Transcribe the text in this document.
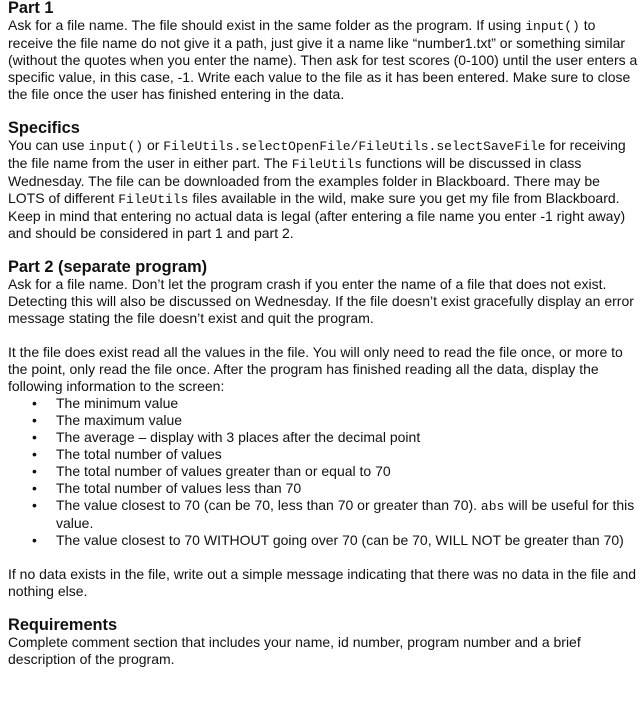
Part 1

Ask for a file name. The file should exist in the same folder as the program. If using input() to receive the file name do not give it a path, just give it a name like “number1.txt” or something similar (without the quotes when you enter the name). Then ask for test scores (0-100) until the user enters a specific value, in this case, -1. Write each value to the file as it has been entered. Make sure to close the file once the user has finished entering in the data.

Specifics

You can use input() or FileUtils.selectOpenFile/FileUtils.selectSaveFile for receiving the file name from the user in either part. The FileUtils functions will be discussed in class Wednesday. The file can be downloaded from the examples folder in Blackboard. There may be LOTS of different FileUtils files available in the wild, make sure you get my file from Blackboard. Keep in mind that entering no actual data is legal (after entering a file name you enter -1 right away) and should be considered in part 1 and part 2.

Part 2 (separate program)

Ask for a file name. Don’t let the program crash if you enter the name of a file that does not exist. Detecting this will also be discussed on Wednesday. If the file doesn’t exist gracefully display an error message stating the file doesn’t exist and quit the program.

It the file does exist read all the values in the file. You will only need to read the file once, or more to the point, only read the file once. After the program has finished reading all the data, display the following information to the screen:

• The minimum value
• The maximum value
• The average – display with 3 places after the decimal point
• The total number of values
• The total number of values greater than or equal to 70
• The total number of values less than 70
• The value closest to 70 (can be 70, less than 70 or greater than 70). abs will be useful for this value.
• The value closest to 70 WITHOUT going over 70 (can be 70, WILL NOT be greater than 70)

If no data exists in the file, write out a simple message indicating that there was no data in the file and nothing else.

Requirements

Complete comment section that includes your name, id number, program number and a brief description of the program.
